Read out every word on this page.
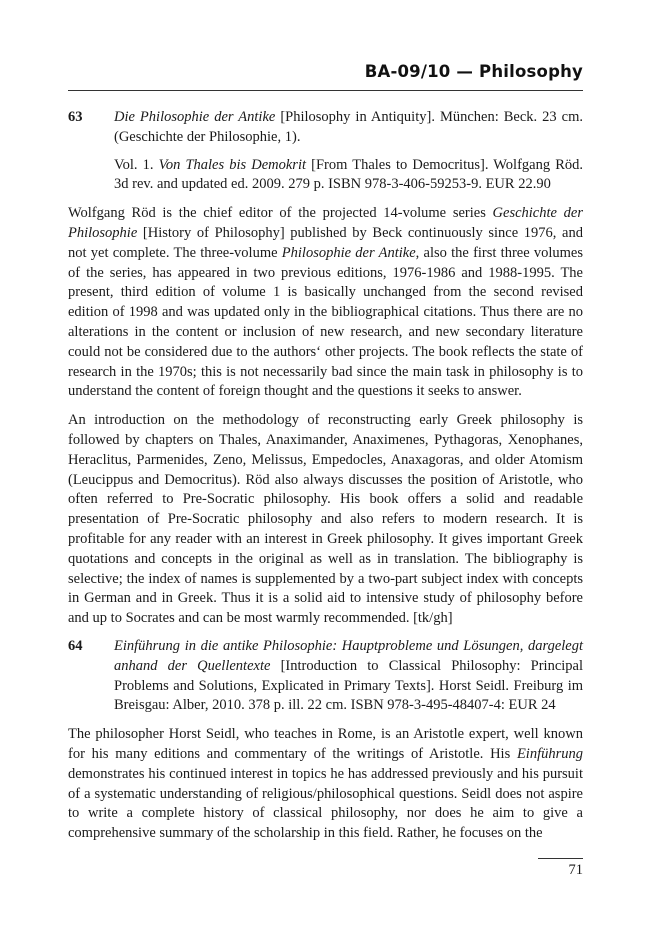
BA-09/10 — Philosophy
63	Die Philosophie der Antike [Philosophy in Antiquity]. München: Beck. 23 cm. (Geschichte der Philosophie, 1).

Vol. 1. Von Thales bis Demokrit [From Thales to Democritus]. Wolfgang Röd. 3d rev. and updated ed. 2009. 279 p. ISBN 978-3-406-59253-9. EUR 22.90

Wolfgang Röd is the chief editor of the projected 14-volume series Geschichte der Philosophie [History of Philosophy] published by Beck continuously since 1976, and not yet complete. The three-volume Philosophie der Antike, also the first three volumes of the series, has appeared in two previous editions, 1976-1986 and 1988-1995. The present, third edition of volume 1 is basically unchanged from the second revised edition of 1998 and was updated only in the bibliographical citations. Thus there are no alterations in the content or inclusion of new research, and new secondary literature could not be considered due to the authors‘ other projects. The book reflects the state of research in the 1970s; this is not necessarily bad since the main task in philosophy is to understand the content of foreign thought and the questions it seeks to answer.

An introduction on the methodology of reconstructing early Greek philosophy is followed by chapters on Thales, Anaximander, Anaximenes, Pythagoras, Xenophanes, Heraclitus, Parmenides, Zeno, Melissus, Empedocles, Anaxagoras, and older Atomism (Leucippus and Democritus). Röd also always discusses the position of Aristotle, who often referred to Pre-Socratic philosophy. His book offers a solid and readable presentation of Pre-Socratic philosophy and also refers to modern research. It is profitable for any reader with an interest in Greek philosophy. It gives important Greek quotations and concepts in the original as well as in translation. The bibliography is selective; the index of names is supplemented by a two-part subject index with concepts in German and in Greek. Thus it is a solid aid to intensive study of philosophy before and up to Socrates and can be most warmly recommended. [tk/gh]

64	Einführung in die antike Philosophie: Hauptprobleme und Lösungen, dargelegt anhand der Quellentexte [Introduction to Classical Philosophy: Principal Problems and Solutions, Explicated in Primary Texts]. Horst Seidl. Freiburg im Breisgau: Alber, 2010. 378 p. ill. 22 cm. ISBN 978-3-495-48407-4: EUR 24

The philosopher Horst Seidl, who teaches in Rome, is an Aristotle expert, well known for his many editions and commentary of the writings of Aristotle. His Einführung demonstrates his continued interest in topics he has addressed previously and his pursuit of a systematic understanding of religious/philosophical questions. Seidl does not aspire to write a complete history of classical philosophy, nor does he aim to give a comprehensive summary of the scholarship in this field. Rather, he focuses on the

71
